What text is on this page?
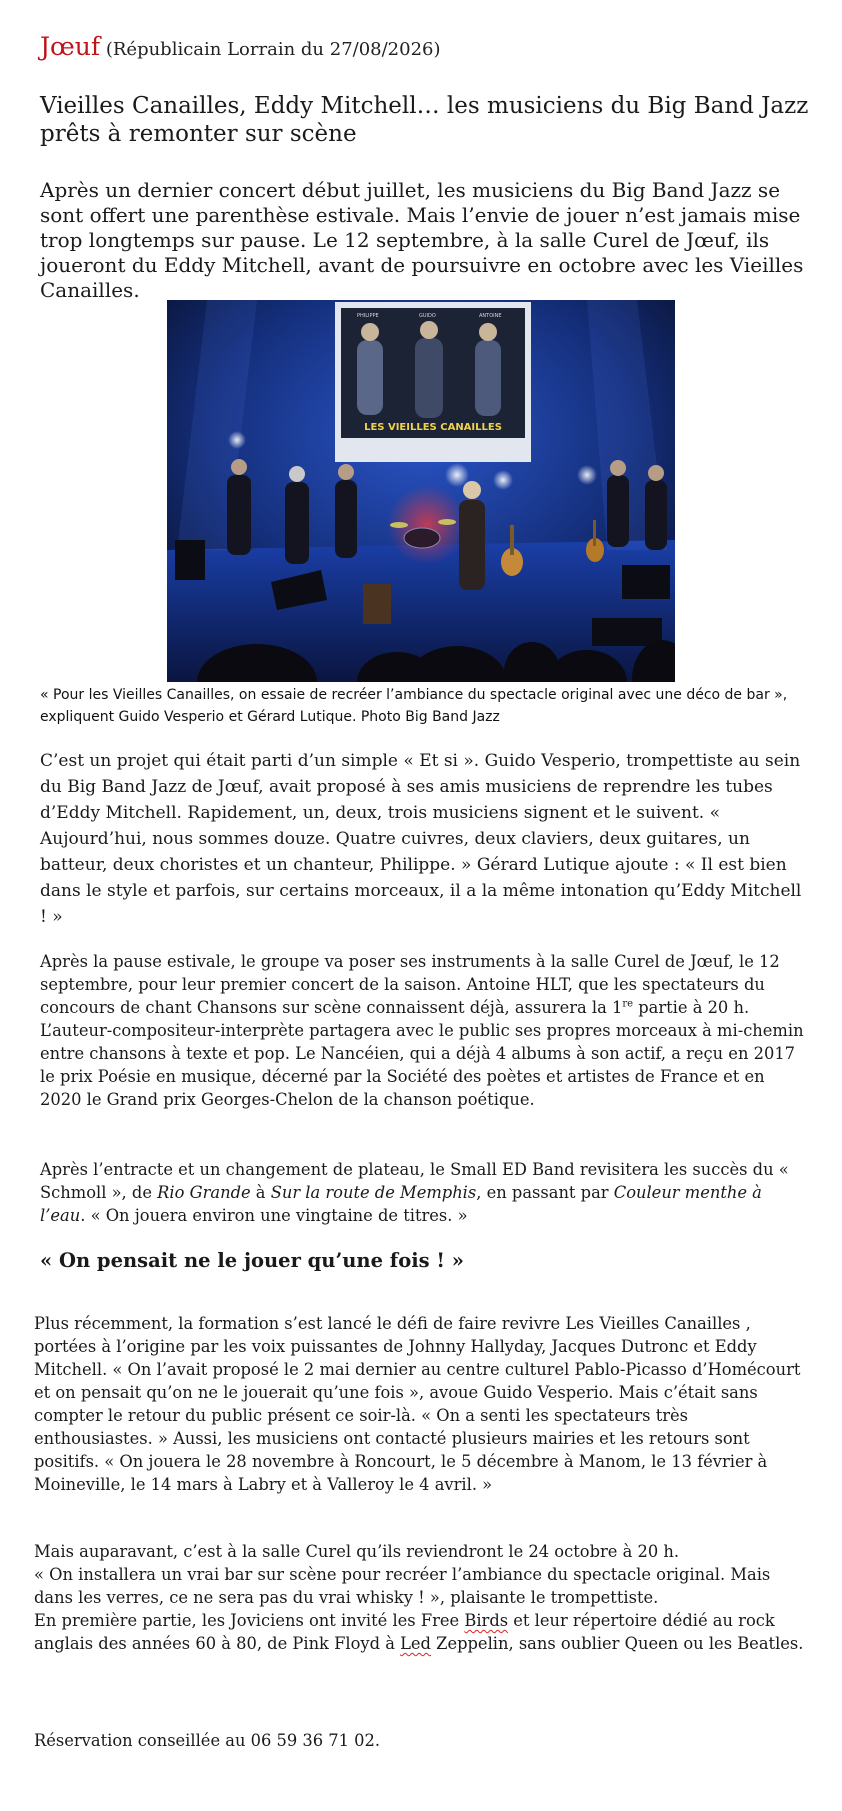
Jœuf (Républicain Lorrain du 27/08/2026)
Vieilles Canailles, Eddy Mitchell… les musiciens du Big Band Jazz prêts à remonter sur scène

Après un dernier concert début juillet, les musiciens du Big Band Jazz se sont offert une parenthèse estivale. Mais l’envie de jouer n’est jamais mise trop longtemps sur pause. Le 12 septembre, à la salle Curel de Jœuf, ils joueront du Eddy Mitchell, avant de poursuivre en octobre avec les Vieilles Canailles.

PHILIPPE	GUIDO	ANTOINE
LES VIEILLES CANAILLES

« Pour les Vieilles Canailles, on essaie de recréer l’ambiance du spectacle original avec une déco de bar », expliquent Guido Vesperio et Gérard Lutique. Photo Big Band Jazz

C’est un projet qui était parti d’un simple « Et si ». Guido Vesperio, trompettiste au sein du Big Band Jazz de Jœuf, avait proposé à ses amis musiciens de reprendre les tubes d’Eddy Mitchell. Rapidement, un, deux, trois musiciens signent et le suivent. « Aujourd’hui, nous sommes douze. Quatre cuivres, deux claviers, deux guitares, un batteur, deux choristes et un chanteur, Philippe. » Gérard Lutique ajoute : « Il est bien dans le style et parfois, sur certains morceaux, il a la même intonation qu’Eddy Mitchell ! »

Après la pause estivale, le groupe va poser ses instruments à la salle Curel de Jœuf, le 12 septembre, pour leur premier concert de la saison. Antoine HLT, que les spectateurs du concours de chant Chansons sur scène connaissent déjà, assurera la 1re partie à 20 h. L’auteur-compositeur-interprète partagera avec le public ses propres morceaux à mi-chemin entre chansons à texte et pop. Le Nancéien, qui a déjà 4 albums à son actif, a reçu en 2017 le prix Poésie en musique, décerné par la Société des poètes et artistes de France et en 2020 le Grand prix Georges-Chelon de la chanson poétique.

Après l’entracte et un changement de plateau, le Small ED Band revisitera les succès du « Schmoll », de Rio Grande à Sur la route de Memphis, en passant par Couleur menthe à l’eau. « On jouera environ une vingtaine de titres. »

« On pensait ne le jouer qu’une fois ! »

Plus récemment, la formation s’est lancé le défi de faire revivre Les Vieilles Canailles , portées à l’origine par les voix puissantes de Johnny Hallyday, Jacques Dutronc et Eddy Mitchell. « On l’avait proposé le 2 mai dernier au centre culturel Pablo-Picasso d’Homécourt et on pensait qu’on ne le jouerait qu’une fois », avoue Guido Vesperio. Mais c’était sans compter le retour du public présent ce soir-là. « On a senti les spectateurs très enthousiastes. » Aussi, les musiciens ont contacté plusieurs mairies et les retours sont positifs. « On jouera le 28 novembre à Roncourt, le 5 décembre à Manom, le 13 février à Moineville, le 14 mars à Labry et à Valleroy le 4 avril. »

Mais auparavant, c’est à la salle Curel qu’ils reviendront le 24 octobre à 20 h.
« On installera un vrai bar sur scène pour recréer l’ambiance du spectacle original. Mais dans les verres, ce ne sera pas du vrai whisky ! », plaisante le trompettiste.
En première partie, les Joviciens ont invité les Free Birds et leur répertoire dédié au rock anglais des années 60 à 80, de Pink Floyd à Led Zeppelin, sans oublier Queen ou les Beatles.

Réservation conseillée au 06 59 36 71 02.
